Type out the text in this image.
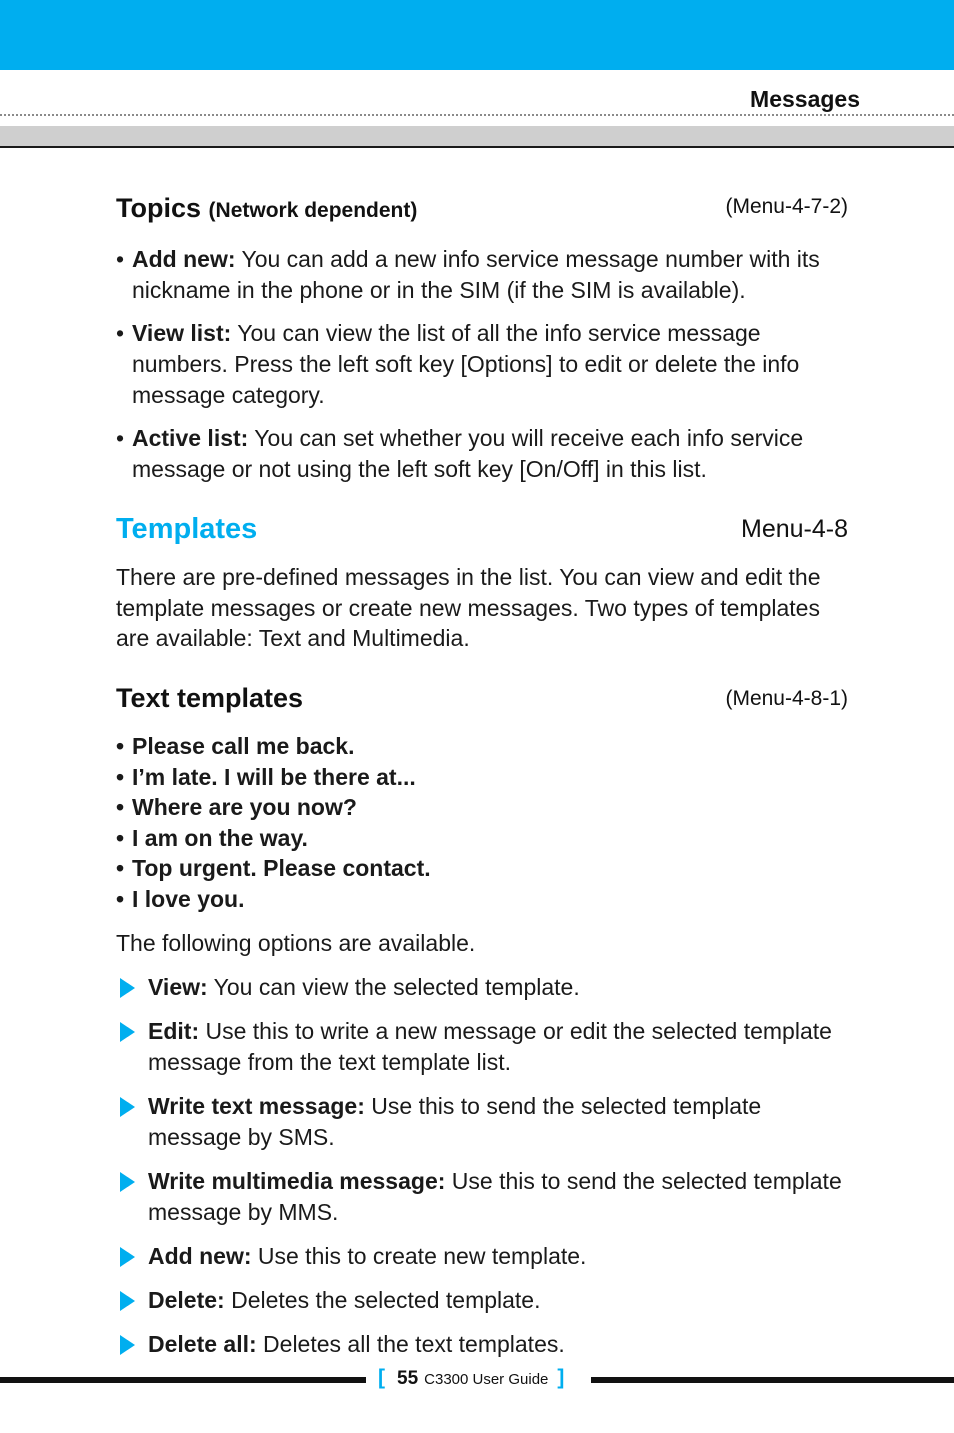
Messages
Topics (Network dependent)	(Menu-4-7-2)
• Add new: You can add a new info service message number with its nickname in the phone or in the SIM (if the SIM is available).
• View list: You can view the list of all the info service message numbers. Press the left soft key [Options] to edit or delete the info message category.
• Active list: You can set whether you will receive each info service message or not using the left soft key [On/Off] in this list.
Templates	Menu-4-8

There are pre-defined messages in the list. You can view and edit the template messages or create new messages. Two types of templates are available: Text and Multimedia.

Text templates	(Menu-4-8-1)
• Please call me back.
• I’m late. I will be there at...
• Where are you now?
• I am on the way.
• Top urgent. Please contact.
• I love you.

The following options are available.

View: You can view the selected template.
Edit: Use this to write a new message or edit the selected template message from the text template list.
Write text message: Use this to send the selected template message by SMS.
Write multimedia message: Use this to send the selected template message by MMS.
Add new: Use this to create new template.
Delete: Deletes the selected template.
Delete all: Deletes all the text templates.
[ 55 C3300 User Guide ]
